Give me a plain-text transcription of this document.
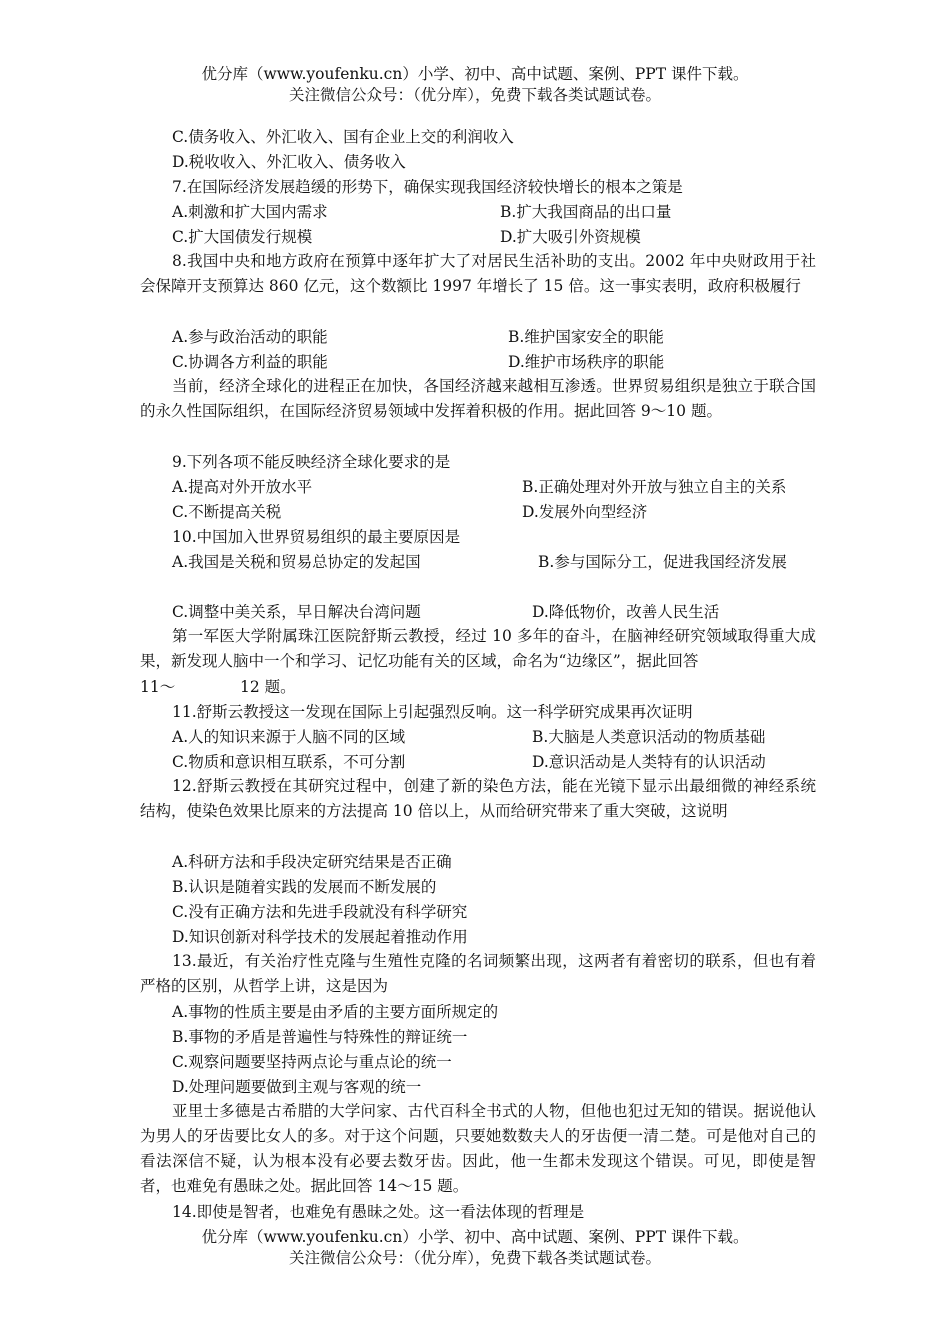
优分库（www.youfenku.cn）小学、初中、高中试题、案例、PPT 课件下载。
关注微信公众号：（优分库），免费下载各类试题试卷。
C.债务收入、外汇收入、国有企业上交的利润收入
D.税收收入、外汇收入、债务收入
7.在国际经济发展趋缓的形势下，确保实现我国经济较快增长的根本之策是
A.刺激和扩大国内需求	B.扩大我国商品的出口量
C.扩大国债发行规模	D.扩大吸引外资规模
8.我国中央和地方政府在预算中逐年扩大了对居民生活补助的支出。2002 年中央财政用于社会保障开支预算达 860 亿元，这个数额比 1997 年增长了 15 倍。这一事实表明，政府积极履行
A.参与政治活动的职能	B.维护国家安全的职能
C.协调各方利益的职能	D.维护市场秩序的职能
当前，经济全球化的进程正在加快，各国经济越来越相互渗透。世界贸易组织是独立于联合国的永久性国际组织，在国际经济贸易领域中发挥着积极的作用。据此回答 9～10 题。
9.下列各项不能反映经济全球化要求的是
A.提高对外开放水平	B.正确处理对外开放与独立自主的关系
C.不断提高关税	D.发展外向型经济
10.中国加入世界贸易组织的最主要原因是
A.我国是关税和贸易总协定的发起国	B.参与国际分工，促进我国经济发展
C.调整中美关系，早日解决台湾问题	D.降低物价，改善人民生活
第一军医大学附属珠江医院舒斯云教授，经过 10 多年的奋斗，在脑神经研究领域取得重大成果，新发现人脑中一个和学习、记忆功能有关的区域，命名为“边缘区”，据此回答
11～	12 题。
11.舒斯云教授这一发现在国际上引起强烈反响。这一科学研究成果再次证明
A.人的知识来源于人脑不同的区域	B.大脑是人类意识活动的物质基础
C.物质和意识相互联系，不可分割	D.意识活动是人类特有的认识活动
12.舒斯云教授在其研究过程中，创建了新的染色方法，能在光镜下显示出最细微的神经系统结构，使染色效果比原来的方法提高 10 倍以上，从而给研究带来了重大突破，这说明
A.科研方法和手段决定研究结果是否正确
B.认识是随着实践的发展而不断发展的
C.没有正确方法和先进手段就没有科学研究
D.知识创新对科学技术的发展起着推动作用
13.最近，有关治疗性克隆与生殖性克隆的名词频繁出现，这两者有着密切的联系，但也有着严格的区别，从哲学上讲，这是因为
A.事物的性质主要是由矛盾的主要方面所规定的
B.事物的矛盾是普遍性与特殊性的辩证统一
C.观察问题要坚持两点论与重点论的统一
D.处理问题要做到主观与客观的统一
亚里士多德是古希腊的大学问家、古代百科全书式的人物，但他也犯过无知的错误。据说他认为男人的牙齿要比女人的多。对于这个问题，只要她数数夫人的牙齿便一清二楚。可是他对自己的看法深信不疑，认为根本没有必要去数牙齿。因此，他一生都未发现这个错误。可见，即使是智者，也难免有愚昧之处。据此回答 14～15 题。
14.即使是智者，也难免有愚昧之处。这一看法体现的哲理是
优分库（www.youfenku.cn）小学、初中、高中试题、案例、PPT 课件下载。
关注微信公众号：（优分库），免费下载各类试题试卷。
